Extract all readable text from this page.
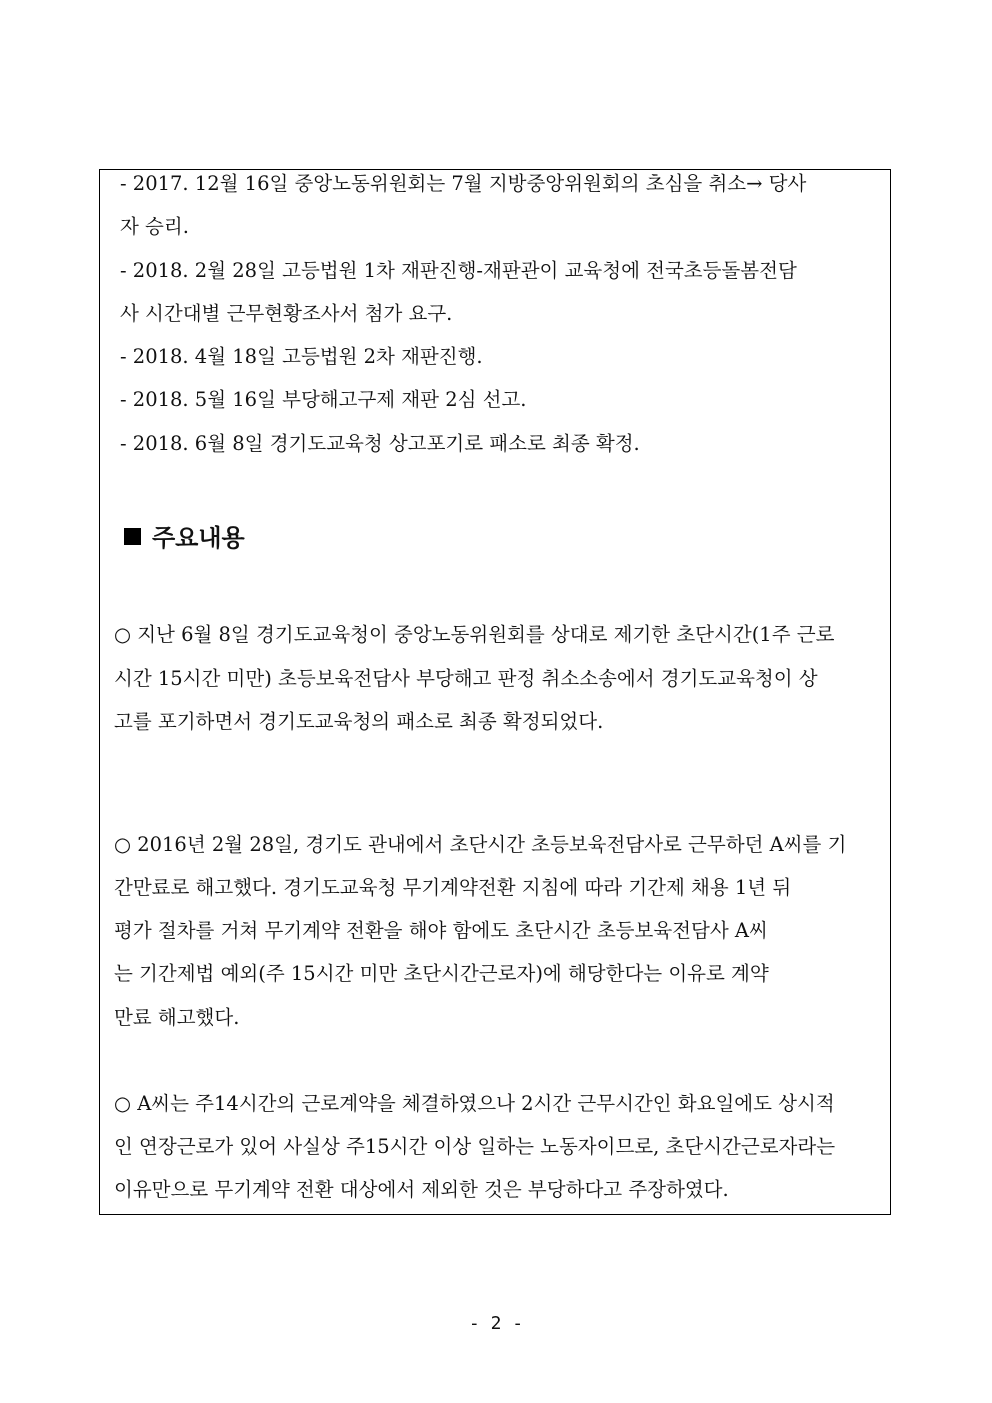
- 2017. 12월 16일 중앙노동위원회는 7월 지방중앙위원회의 초심을 취소→ 당사
자 승리.
- 2018. 2월 28일 고등법원 1차 재판진행-재판관이 교육청에 전국초등돌봄전담
사 시간대별 근무현황조사서 첨가 요구.
- 2018. 4월 18일 고등법원 2차 재판진행.
- 2018. 5월 16일 부당해고구제 재판 2심 선고.
- 2018. 6월 8일 경기도교육청 상고포기로 패소로 최종 확정.
주요내용
○ 지난 6월 8일 경기도교육청이 중앙노동위원회를 상대로 제기한 초단시간(1주 근로
시간 15시간 미만) 초등보육전담사 부당해고 판정 취소소송에서 경기도교육청이 상
고를 포기하면서 경기도교육청의 패소로 최종 확정되었다.
○ 2016년 2월 28일, 경기도 관내에서 초단시간 초등보육전담사로 근무하던 A씨를 기
간만료로 해고했다. 경기도교육청 무기계약전환 지침에 따라 기간제 채용 1년 뒤
평가 절차를 거쳐 무기계약 전환을 해야 함에도 초단시간 초등보육전담사 A씨
는 기간제법 예외(주 15시간 미만 초단시간근로자)에 해당한다는 이유로 계약
만료 해고했다.
○ A씨는 주14시간의 근로계약을 체결하였으나 2시간 근무시간인 화요일에도 상시적
인 연장근로가 있어 사실상 주15시간 이상 일하는 노동자이므로, 초단시간근로자라는
이유만으로 무기계약 전환 대상에서 제외한 것은 부당하다고 주장하였다.
- 2 -
